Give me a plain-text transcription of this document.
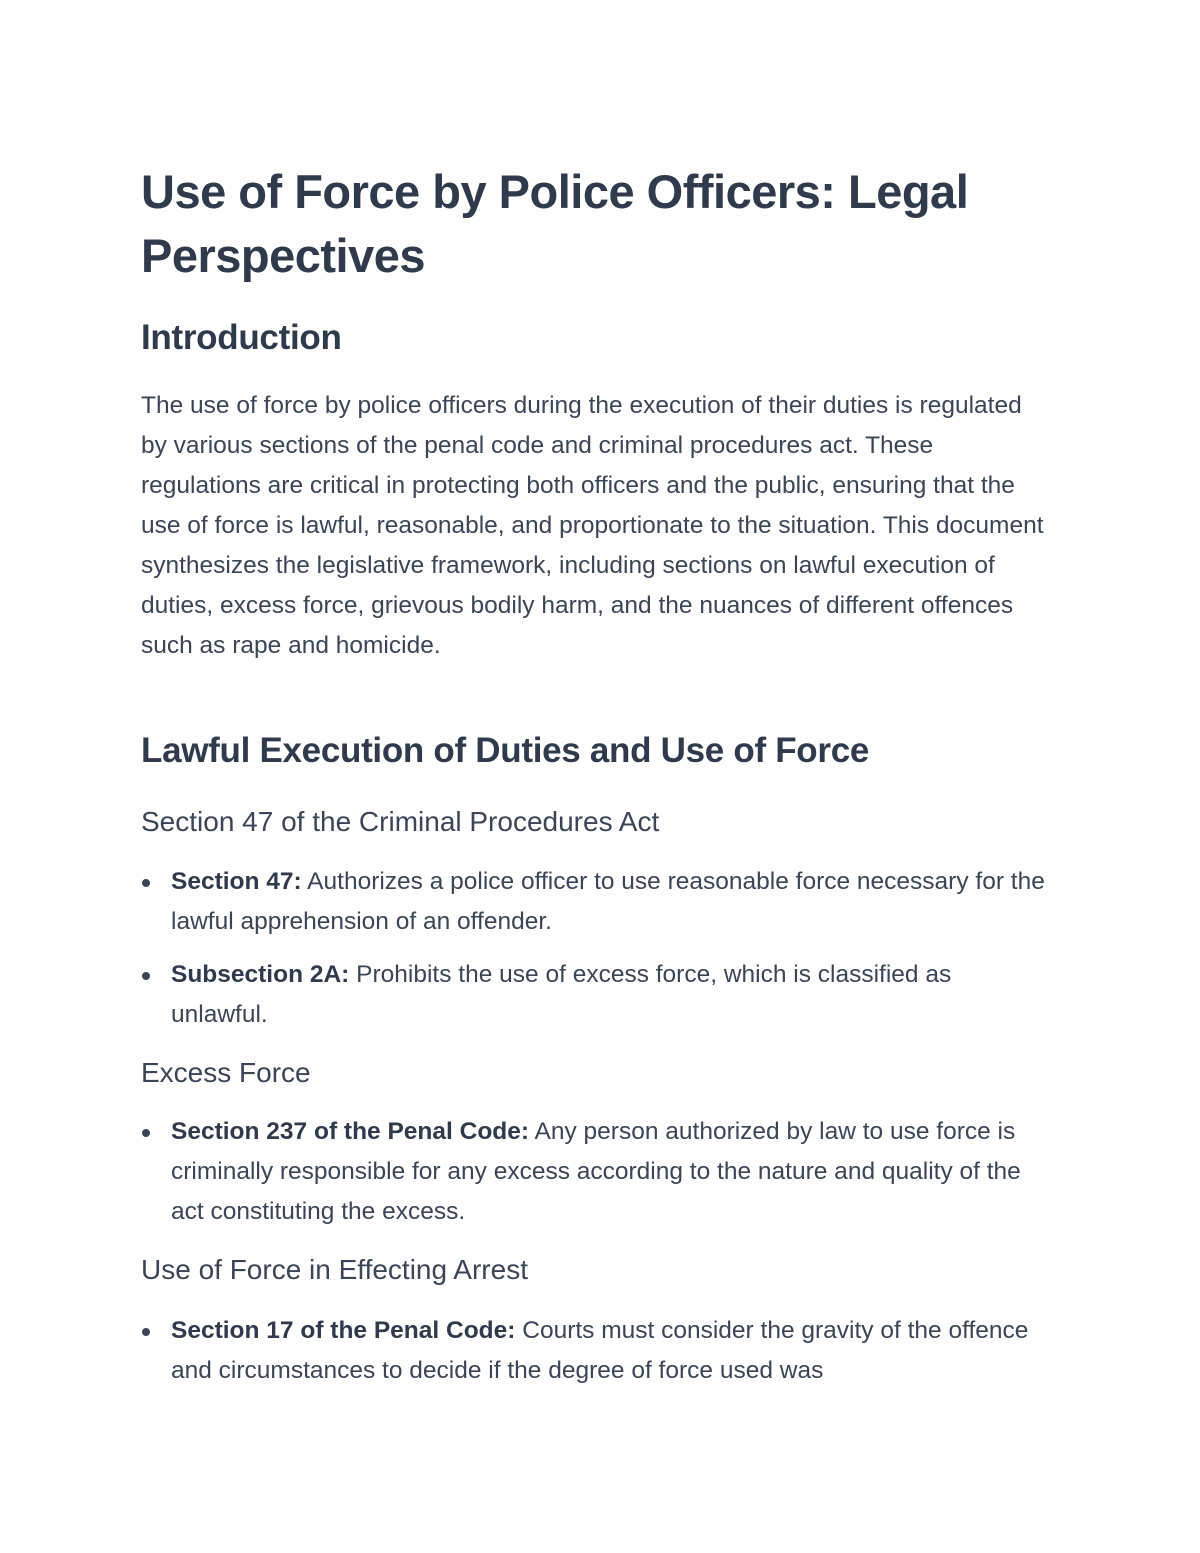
Use of Force by Police Officers: Legal Perspectives
Introduction

The use of force by police officers during the execution of their duties is regulated by various sections of the penal code and criminal procedures act. These regulations are critical in protecting both officers and the public, ensuring that the use of force is lawful, reasonable, and proportionate to the situation. This document synthesizes the legislative framework, including sections on lawful execution of duties, excess force, grievous bodily harm, and the nuances of different offences such as rape and homicide.

Lawful Execution of Duties and Use of Force
Section 47 of the Criminal Procedures Act
Section 47: Authorizes a police officer to use reasonable force necessary for the lawful apprehension of an offender.
Subsection 2A: Prohibits the use of excess force, which is classified as unlawful.
Excess Force
Section 237 of the Penal Code: Any person authorized by law to use force is criminally responsible for any excess according to the nature and quality of the act constituting the excess.
Use of Force in Effecting Arrest
Section 17 of the Penal Code: Courts must consider the gravity of the offence and circumstances to decide if the degree of force used was
